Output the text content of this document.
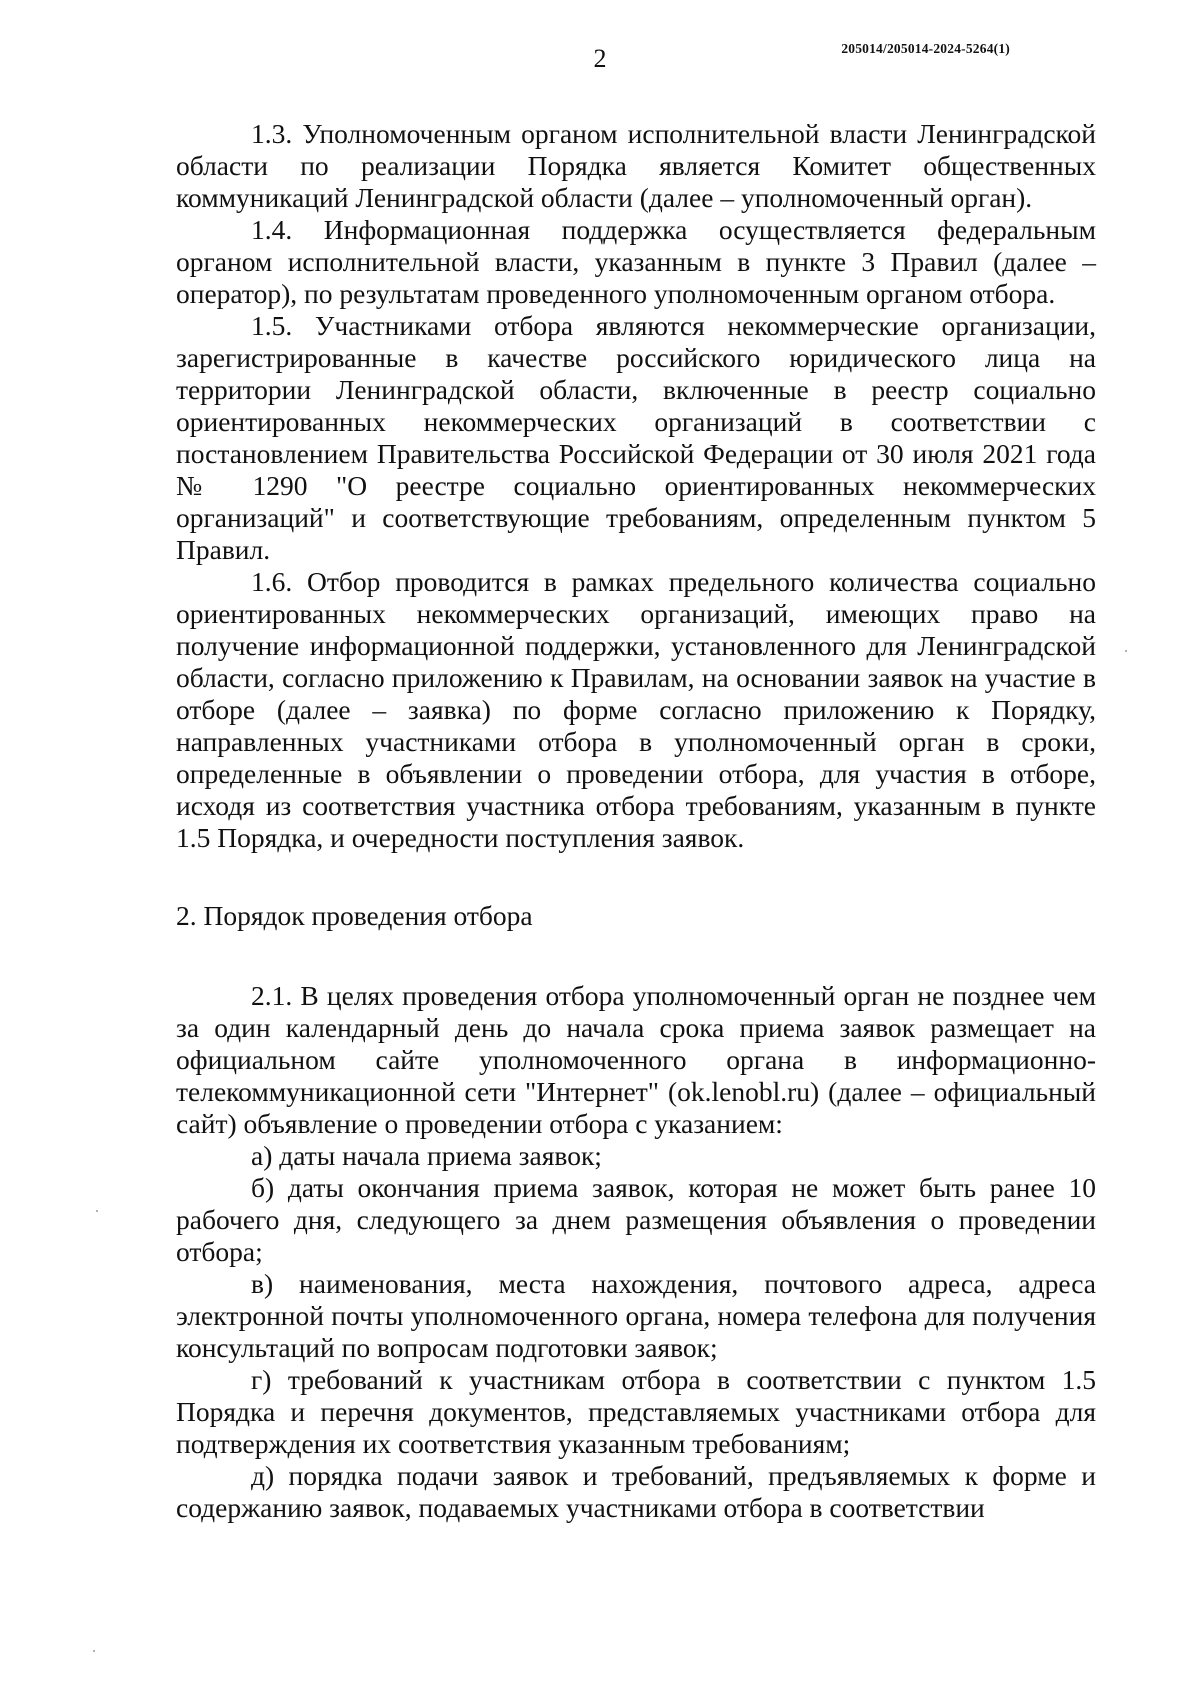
2	205014/205014-2024-5264(1)

1.3. Уполномоченным органом исполнительной власти Ленинградской области по реализации Порядка является Комитет общественных коммуникаций Ленинградской области (далее – уполномоченный орган).

1.4. Информационная поддержка осуществляется федеральным органом исполнительной власти, указанным в пункте 3 Правил (далее – оператор), по результатам проведенного уполномоченным органом отбора.

1.5. Участниками отбора являются некоммерческие организации, зарегистрированные в качестве российского юридического лица на территории Ленинградской области, включенные в реестр социально ориентированных некоммерческих организаций в соответствии с постановлением Правительства Российской Федерации от 30 июля 2021 года № 1290 "О реестре социально ориентированных некоммерческих организаций" и соответствующие требованиям, определенным пунктом 5 Правил.

1.6. Отбор проводится в рамках предельного количества социально ориентированных некоммерческих организаций, имеющих право на получение информационной поддержки, установленного для Ленинградской области, согласно приложению к Правилам, на основании заявок на участие в отборе (далее – заявка) по форме согласно приложению к Порядку, направленных участниками отбора в уполномоченный орган в сроки, определенные в объявлении о проведении отбора, для участия в отборе, исходя из соответствия участника отбора требованиям, указанным в пункте 1.5 Порядка, и очередности поступления заявок.

2. Порядок проведения отбора

2.1. В целях проведения отбора уполномоченный орган не позднее чем за один календарный день до начала срока приема заявок размещает на официальном сайте уполномоченного органа в информационно-телекоммуникационной сети "Интернет" (ok.lenobl.ru) (далее – официальный сайт) объявление о проведении отбора с указанием:

а) даты начала приема заявок;

б) даты окончания приема заявок, которая не может быть ранее 10 рабочего дня, следующего за днем размещения объявления о проведении отбора;

в) наименования, места нахождения, почтового адреса, адреса электронной почты уполномоченного органа, номера телефона для получения консультаций по вопросам подготовки заявок;

г) требований к участникам отбора в соответствии с пунктом 1.5 Порядка и перечня документов, представляемых участниками отбора для подтверждения их соответствия указанным требованиям;

д) порядка подачи заявок и требований, предъявляемых к форме и содержанию заявок, подаваемых участниками отбора в соответствии
